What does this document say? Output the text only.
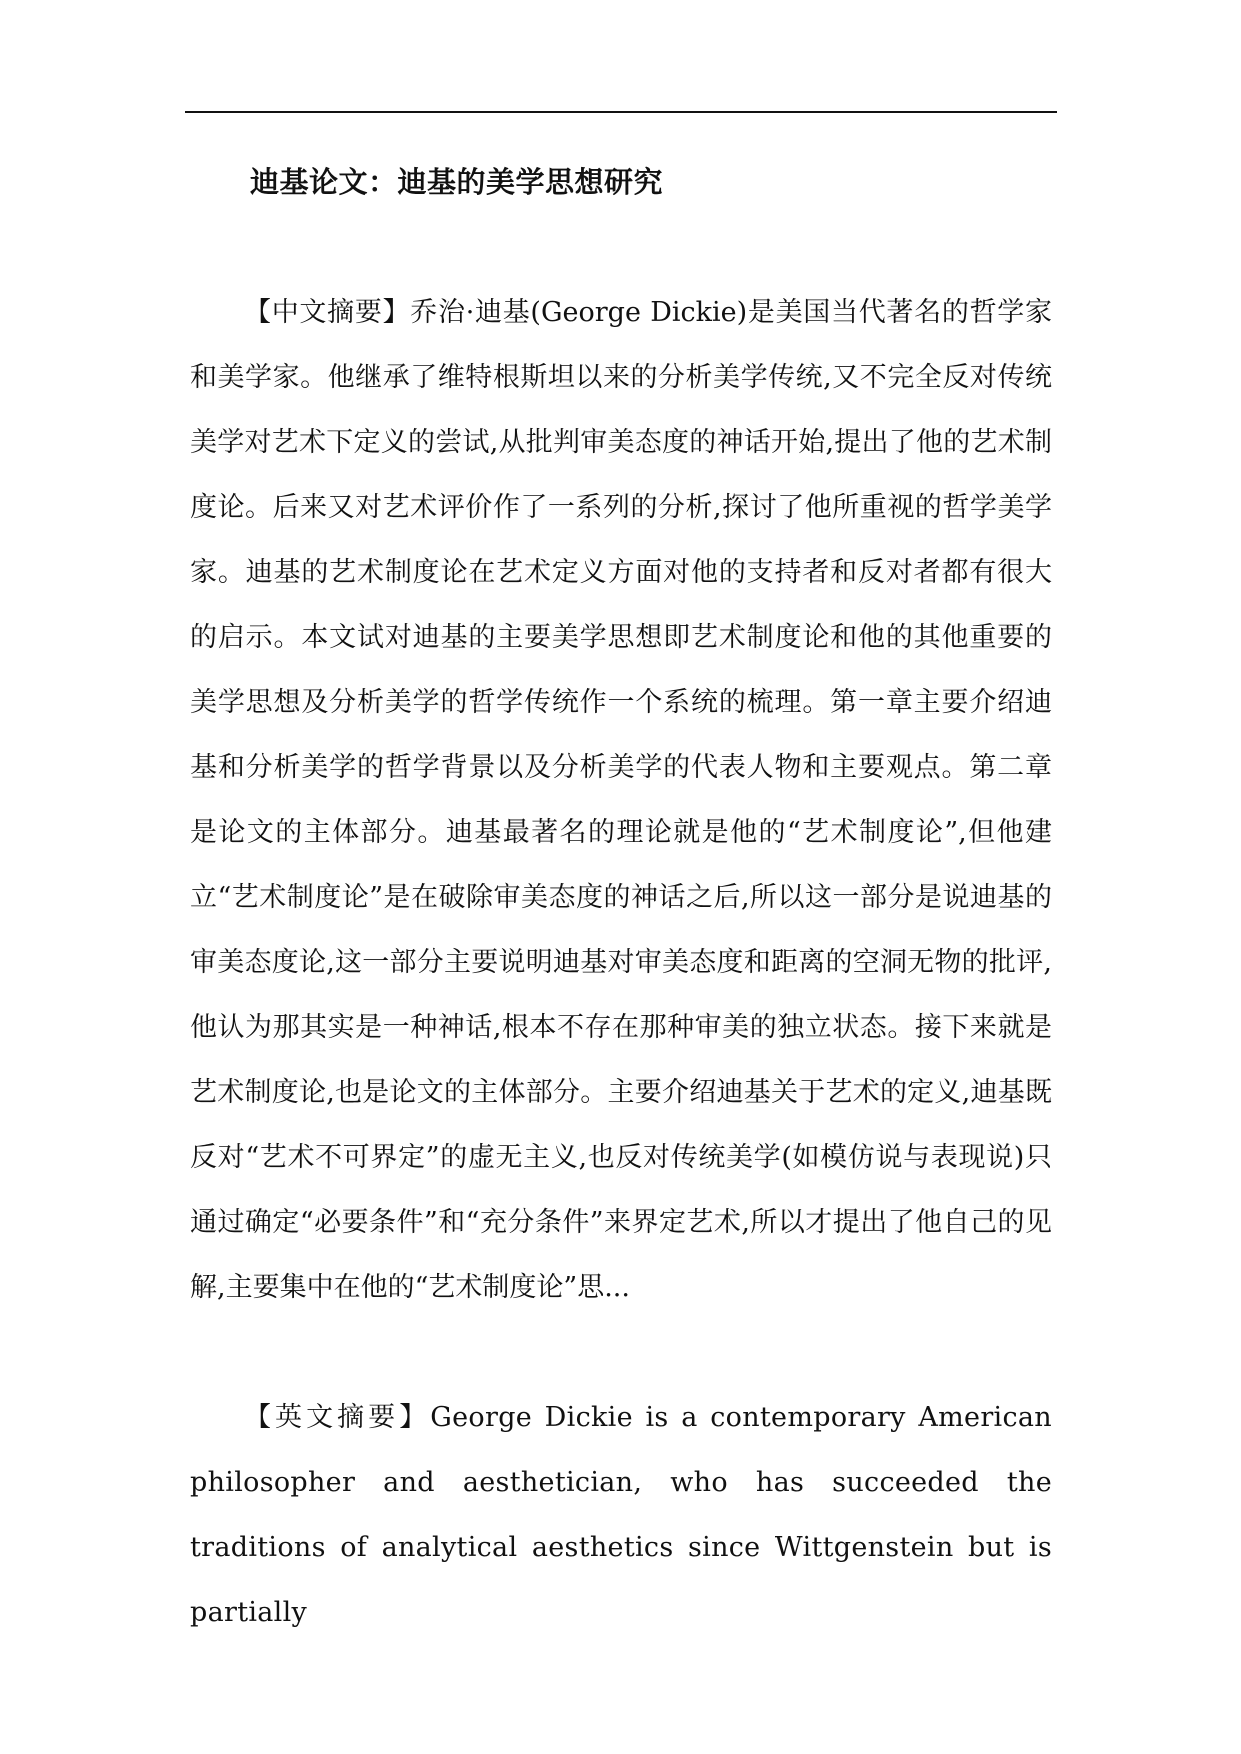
迪基论文：迪基的美学思想研究

【中文摘要】乔治·迪基(George Dickie)是美国当代著名的哲学家和美学家。他继承了维特根斯坦以来的分析美学传统,又不完全反对传统美学对艺术下定义的尝试,从批判审美态度的神话开始,提出了他的艺术制度论。后来又对艺术评价作了一系列的分析,探讨了他所重视的哲学美学家。迪基的艺术制度论在艺术定义方面对他的支持者和反对者都有很大的启示。本文试对迪基的主要美学思想即艺术制度论和他的其他重要的美学思想及分析美学的哲学传统作一个系统的梳理。第一章主要介绍迪基和分析美学的哲学背景以及分析美学的代表人物和主要观点。第二章是论文的主体部分。迪基最著名的理论就是他的“艺术制度论”,但他建立“艺术制度论”是在破除审美态度的神话之后,所以这一部分是说迪基的审美态度论,这一部分主要说明迪基对审美态度和距离的空洞无物的批评,他认为那其实是一种神话,根本不存在那种审美的独立状态。接下来就是艺术制度论,也是论文的主体部分。主要介绍迪基关于艺术的定义,迪基既反对“艺术不可界定”的虚无主义,也反对传统美学(如模仿说与表现说)只通过确定“必要条件”和“充分条件”来界定艺术,所以才提出了他自己的见解,主要集中在他的“艺术制度论”思...

【英文摘要】George Dickie is a contemporary American philosopher and aesthetician, who has succeeded the traditions of analytical aesthetics since Wittgenstein but is partially
